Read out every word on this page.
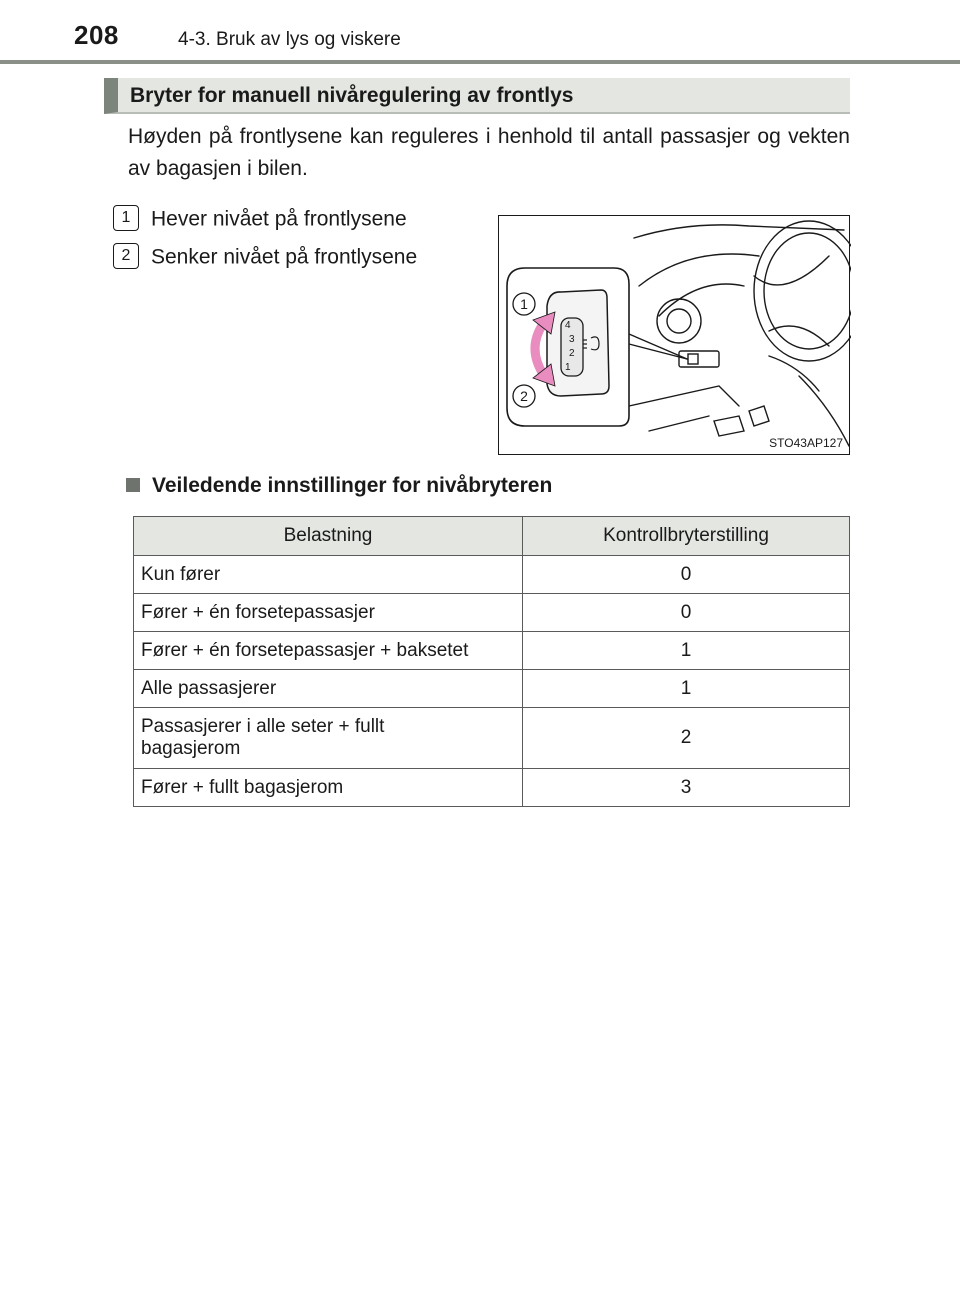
208	4-3. Bruk av lys og viskere
Bryter for manuell nivåregulering av frontlys
Høyden på frontlysene kan reguleres i henhold til antall passasjer og vekten av bagasjen i bilen.
1 Hever nivået på frontlysene
2 Senker nivået på frontlysene
4
3
2
1
1
2
STO43AP127
Veiledende innstillinger for nivåbryteren
Belastning	Kontrollbryterstilling
Kun fører	0
Fører + én forsetepassasjer	0
Fører + én forsetepassasjer + baksetet	1
Alle passasjerer	1
Passasjerer i alle seter + fullt bagasjerom	2
Fører + fullt bagasjerom	3
